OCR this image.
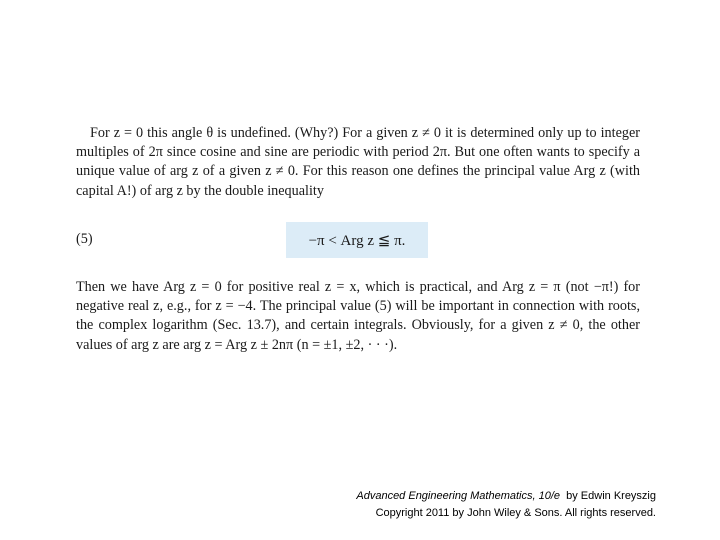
For z = 0 this angle θ is undefined. (Why?) For a given z ≠ 0 it is determined only up to integer multiples of 2π since cosine and sine are periodic with period 2π. But one often wants to specify a unique value of arg z of a given z ≠ 0. For this reason one defines the principal value Arg z (with capital A!) of arg z by the double inequality
(5)	−π < Arg z ≦ π.
Then we have Arg z = 0 for positive real z = x, which is practical, and Arg z = π (not −π!) for negative real z, e.g., for z = −4. The principal value (5) will be important in connection with roots, the complex logarithm (Sec. 13.7), and certain integrals. Obviously, for a given z ≠ 0, the other values of arg z are arg z = Arg z ± 2nπ (n = ±1, ±2, · · ·).
Advanced Engineering Mathematics, 10/e by Edwin Kreyszig
Copyright 2011 by John Wiley & Sons. All rights reserved.
